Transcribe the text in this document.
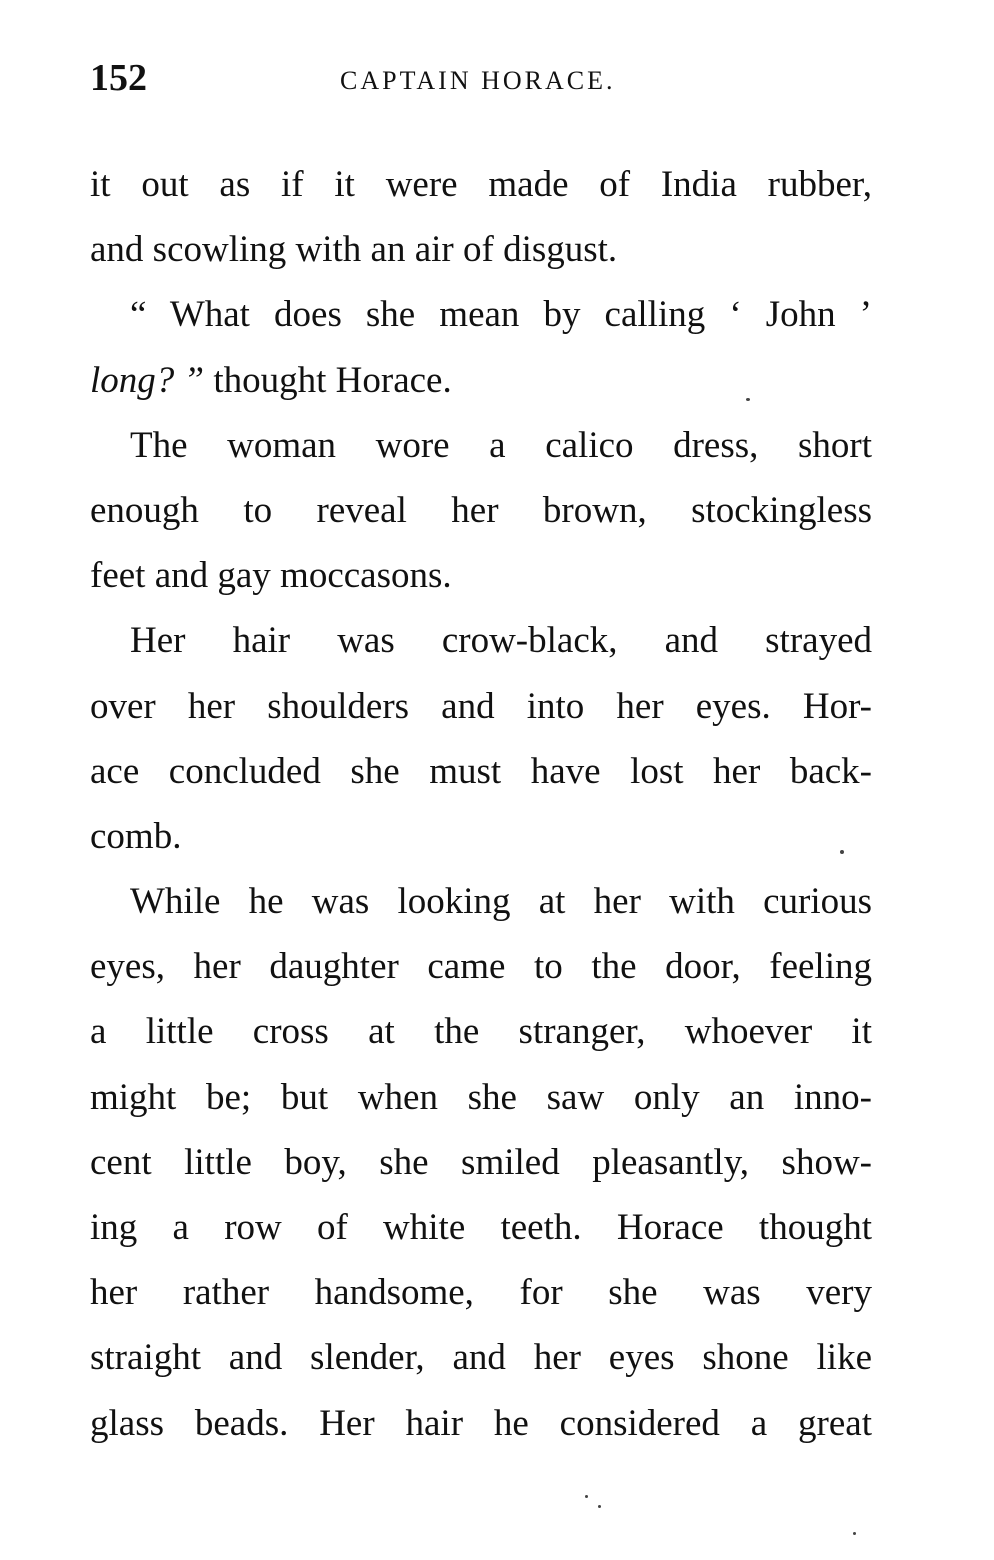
152	CAPTAIN HORACE.
it out as if it were made of India rubber,
and scowling with an air of disgust.
“ What does she mean by calling ‘ John ’
long? ” thought Horace.
The woman wore a calico dress, short
enough to reveal her brown, stockingless
feet and gay moccasons.
Her hair was crow-black, and strayed
over her shoulders and into her eyes. Hor-
ace concluded she must have lost her back-
comb.
While he was looking at her with curious
eyes, her daughter came to the door, feeling
a little cross at the stranger, whoever it
might be; but when she saw only an inno-
cent little boy, she smiled pleasantly, show-
ing a row of white teeth. Horace thought
her rather handsome, for she was very
straight and slender, and her eyes shone like
glass beads. Her hair he considered a great
